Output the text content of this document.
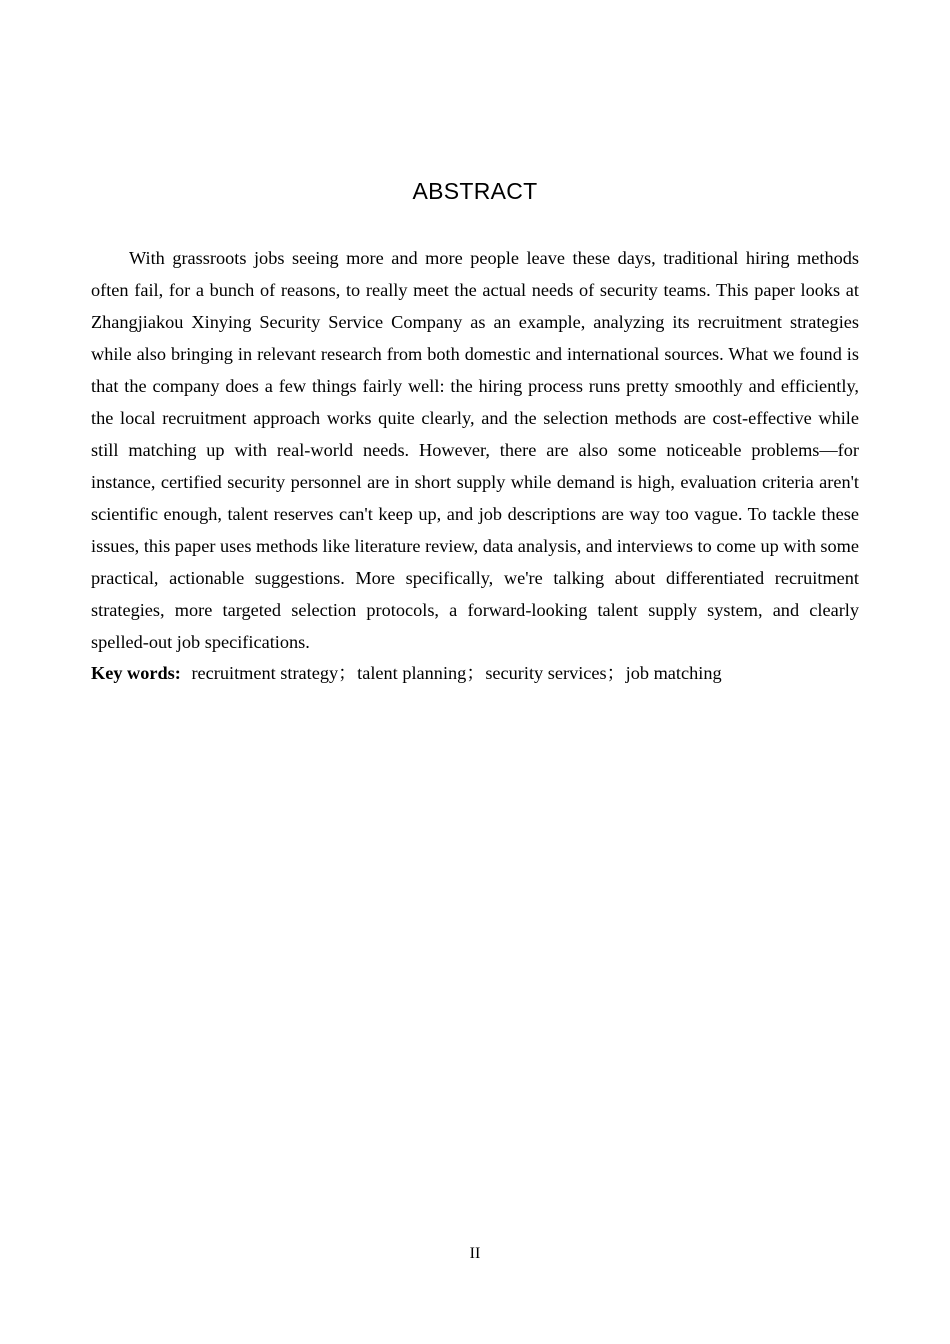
ABSTRACT

With grassroots jobs seeing more and more people leave these days, traditional hiring methods often fail, for a bunch of reasons, to really meet the actual needs of security teams. This paper looks at Zhangjiakou Xinying Security Service Company as an example, analyzing its recruitment strategies while also bringing in relevant research from both domestic and international sources. What we found is that the company does a few things fairly well: the hiring process runs pretty smoothly and efficiently, the local recruitment approach works quite clearly, and the selection methods are cost-effective while still matching up with real-world needs. However, there are also some noticeable problems—for instance, certified security personnel are in short supply while demand is high, evaluation criteria aren't scientific enough, talent reserves can't keep up, and job descriptions are way too vague. To tackle these issues, this paper uses methods like literature review, data analysis, and interviews to come up with some practical, actionable suggestions. More specifically, we're talking about differentiated recruitment strategies, more targeted selection protocols, a forward-looking talent supply system, and clearly spelled-out job specifications.

Key words: recruitment strategy；talent planning；security services；job matching
II
